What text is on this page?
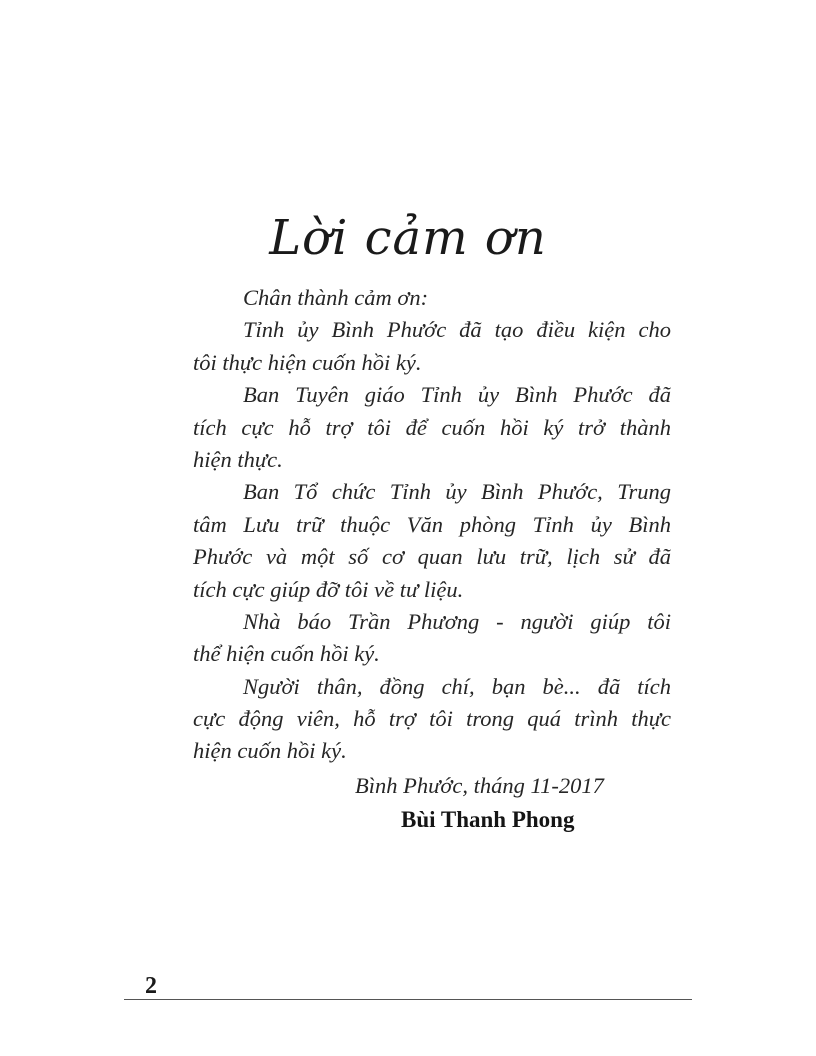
Lời cảm ơn
Chân thành cảm ơn:
Tỉnh ủy Bình Phước đã tạo điều kiện cho
tôi thực hiện cuốn hồi ký.
Ban Tuyên giáo Tỉnh ủy Bình Phước đã
tích cực hỗ trợ tôi để cuốn hồi ký trở thành
hiện thực.
Ban Tổ chức Tỉnh ủy Bình Phước, Trung
tâm Lưu trữ thuộc Văn phòng Tỉnh ủy Bình
Phước và một số cơ quan lưu trữ, lịch sử đã
tích cực giúp đỡ tôi về tư liệu.
Nhà báo Trần Phương - người giúp tôi
thể hiện cuốn hồi ký.
Người thân, đồng chí, bạn bè... đã tích
cực động viên, hỗ trợ tôi trong quá trình thực
hiện cuốn hồi ký.
Bình Phước, tháng 11-2017
Bùi Thanh Phong
2
